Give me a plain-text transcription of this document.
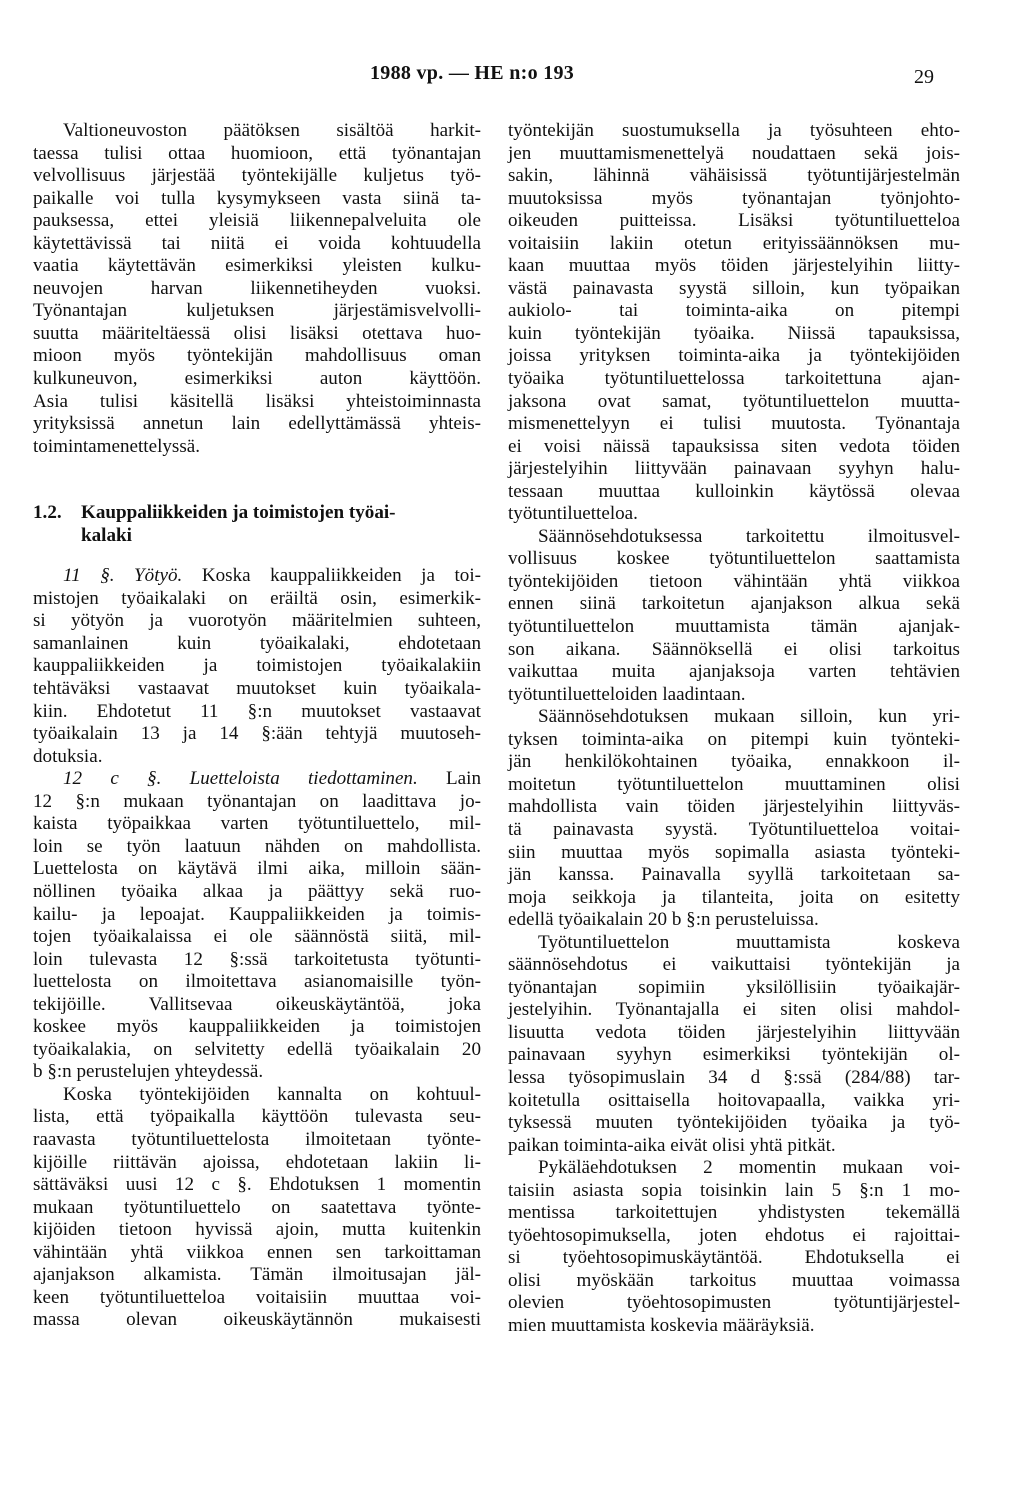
1988 vp. — HE n:o 193	29
Valtioneuvoston päätöksen sisältöä harkit-
taessa tulisi ottaa huomioon, että työnantajan
velvollisuus järjestää työntekijälle kuljetus työ-
paikalle voi tulla kysymykseen vasta siinä ta-
pauksessa, ettei yleisiä liikennepalveluita ole
käytettävissä tai niitä ei voida kohtuudella
vaatia käytettävän esimerkiksi yleisten kulku-
neuvojen harvan liikennetiheyden vuoksi.
Työnantajan kuljetuksen järjestämisvelvolli-
suutta määriteltäessä olisi lisäksi otettava huo-
mioon myös työntekijän mahdollisuus oman
kulkuneuvon, esimerkiksi auton käyttöön.
Asia tulisi käsitellä lisäksi yhteistoiminnasta
yrityksissä annetun lain edellyttämässä yhteis-
toimintamenettelyssä.
1.2. Kauppaliikkeiden ja toimistojen työai-
kalaki
11 §. Yötyö. Koska kauppaliikkeiden ja toi-
mistojen työaikalaki on eräiltä osin, esimerkik-
si yötyön ja vuorotyön määritelmien suhteen,
samanlainen kuin työaikalaki, ehdotetaan
kauppaliikkeiden ja toimistojen työaikalakiin
tehtäväksi vastaavat muutokset kuin työaikala-
kiin. Ehdotetut 11 §:n muutokset vastaavat
työaikalain 13 ja 14 §:ään tehtyjä muutoseh-
dotuksia.
12 c §. Luetteloista tiedottaminen. Lain
12 §:n mukaan työnantajan on laadittava jo-
kaista työpaikkaa varten työtuntiluettelo, mil-
loin se työn laatuun nähden on mahdollista.
Luettelosta on käytävä ilmi aika, milloin sään-
nöllinen työaika alkaa ja päättyy sekä ruo-
kailu- ja lepoajat. Kauppaliikkeiden ja toimis-
tojen työaikalaissa ei ole säännöstä siitä, mil-
loin tulevasta 12 §:ssä tarkoitetusta työtunti-
luettelosta on ilmoitettava asianomaisille työn-
tekijöille. Vallitsevaa oikeuskäytäntöä, joka
koskee myös kauppaliikkeiden ja toimistojen
työaikalakia, on selvitetty edellä työaikalain 20
b §:n perustelujen yhteydessä.
Koska työntekijöiden kannalta on kohtuul-
lista, että työpaikalla käyttöön tulevasta seu-
raavasta työtuntiluettelosta ilmoitetaan työnte-
kijöille riittävän ajoissa, ehdotetaan lakiin li-
sättäväksi uusi 12 c §. Ehdotuksen 1 momentin
mukaan työtuntiluettelo on saatettava työnte-
kijöiden tietoon hyvissä ajoin, mutta kuitenkin
vähintään yhtä viikkoa ennen sen tarkoittaman
ajanjakson alkamista. Tämän ilmoitusajan jäl-
keen työtuntiluetteloa voitaisiin muuttaa voi-
massa olevan oikeuskäytännön mukaisesti
työntekijän suostumuksella ja työsuhteen ehto-
jen muuttamismenettelyä noudattaen sekä jois-
sakin, lähinnä vähäisissä työtuntijärjestelmän
muutoksissa myös työnantajan työnjohto-
oikeuden puitteissa. Lisäksi työtuntiluetteloa
voitaisiin lakiin otetun erityissäännöksen mu-
kaan muuttaa myös töiden järjestelyihin liitty-
västä painavasta syystä silloin, kun työpaikan
aukiolo- tai toiminta-aika on pitempi
kuin työntekijän työaika. Niissä tapauksissa,
joissa yrityksen toiminta-aika ja työntekijöiden
työaika työtuntiluettelossa tarkoitettuna ajan-
jaksona ovat samat, työtuntiluettelon muutta-
mismenettelyyn ei tulisi muutosta. Työnantaja
ei voisi näissä tapauksissa siten vedota töiden
järjestelyihin liittyvään painavaan syyhyn halu-
tessaan muuttaa kulloinkin käytössä olevaa
työtuntiluetteloa.
Säännösehdotuksessa tarkoitettu ilmoitusvel-
vollisuus koskee työtuntiluettelon saattamista
työntekijöiden tietoon vähintään yhtä viikkoa
ennen siinä tarkoitetun ajanjakson alkua sekä
työtuntiluettelon muuttamista tämän ajanjak-
son aikana. Säännöksellä ei olisi tarkoitus
vaikuttaa muita ajanjaksoja varten tehtävien
työtuntiluetteloiden laadintaan.
Säännösehdotuksen mukaan silloin, kun yri-
tyksen toiminta-aika on pitempi kuin työnteki-
jän henkilökohtainen työaika, ennakkoon il-
moitetun työtuntiluettelon muuttaminen olisi
mahdollista vain töiden järjestelyihin liittyväs-
tä painavasta syystä. Työtuntiluetteloa voitai-
siin muuttaa myös sopimalla asiasta työnteki-
jän kanssa. Painavalla syyllä tarkoitetaan sa-
moja seikkoja ja tilanteita, joita on esitetty
edellä työaikalain 20 b §:n perusteluissa.
Työtuntiluettelon muuttamista koskeva
säännösehdotus ei vaikuttaisi työntekijän ja
työnantajan sopimiin yksilöllisiin työaikajär-
jestelyihin. Työnantajalla ei siten olisi mahdol-
lisuutta vedota töiden järjestelyihin liittyvään
painavaan syyhyn esimerkiksi työntekijän ol-
lessa työsopimuslain 34 d §:ssä (284/88) tar-
koitetulla osittaisella hoitovapaalla, vaikka yri-
tyksessä muuten työntekijöiden työaika ja työ-
paikan toiminta-aika eivät olisi yhtä pitkät.
Pykäläehdotuksen 2 momentin mukaan voi-
taisiin asiasta sopia toisinkin lain 5 §:n 1 mo-
mentissa tarkoitettujen yhdistysten tekemällä
työehtosopimuksella, joten ehdotus ei rajoittai-
si työehtosopimuskäytäntöä. Ehdotuksella ei
olisi myöskään tarkoitus muuttaa voimassa
olevien työehtosopimusten työtuntijärjestel-
mien muuttamista koskevia määräyksiä.
